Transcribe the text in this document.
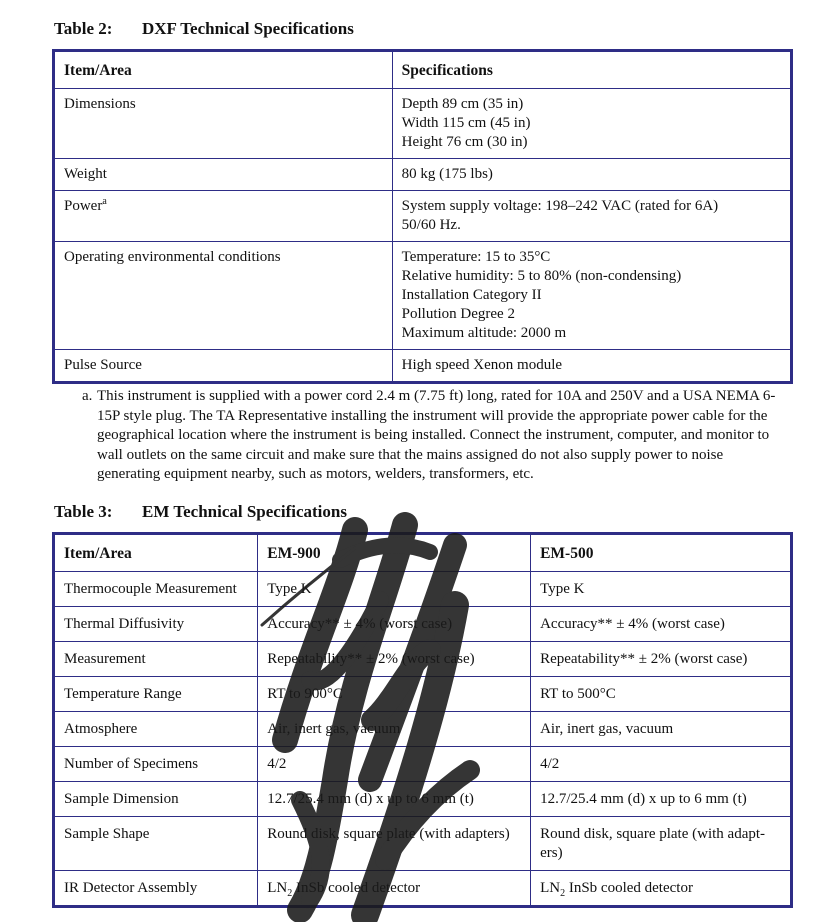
Table 2: DXF Technical Specifications
Item/Area	Specifications
Dimensions	Depth 89 cm (35 in)
Width 115 cm (45 in)
Height 76 cm (30 in)

Weight	80 kg (175 lbs)

Power$^a$	System supply voltage: 198–242 VAC (rated for 6A)
50/60 Hz.

Operating environmental conditions	Temperature: 15 to 35°C
Relative humidity: 5 to 80% (non-condensing)
Installation Category II
Pollution Degree 2
Maximum altitude: 2000 m

Pulse Source	High speed Xenon module
a. This instrument is supplied with a power cord 2.4 m (7.75 ft) long, rated for 10A and 250V and a USA NEMA 6-15P style plug. The TA Representative installing the instrument will provide the appropriate power cable for the geographical location where the instrument is being installed. Connect the instrument, computer, and monitor to wall outlets on the same circuit and make sure that the mains assigned do not also supply power to noise generating equipment nearby, such as motors, welders, transformers, etc.
Table 3: EM Technical Specifications
Item/Area	EM-900	EM-500
Thermocouple Measurement	Type K	Type K
Thermal Diffusivity	Accuracy** ± 4% (worst case)	Accuracy** ± 4% (worst case)
Measurement	Repeatability** ± 2% (worst case)	Repeatability** ± 2% (worst case)
Temperature Range	RT to 900°C	RT to 500°C
Atmosphere	Air, inert gas, vacuum	Air, inert gas, vacuum
Number of Specimens	4/2	4/2
Sample Dimension	12.7/25.4 mm (d) x up to 6 mm (t)	12.7/25.4 mm (d) x up to 6 mm (t)
Sample Shape	Round disk, square plate (with adapters)	Round disk, square plate (with adapt-ers)
IR Detector Assembly	$LN_2$ InSb cooled detector	$LN_2$ InSb cooled detector
